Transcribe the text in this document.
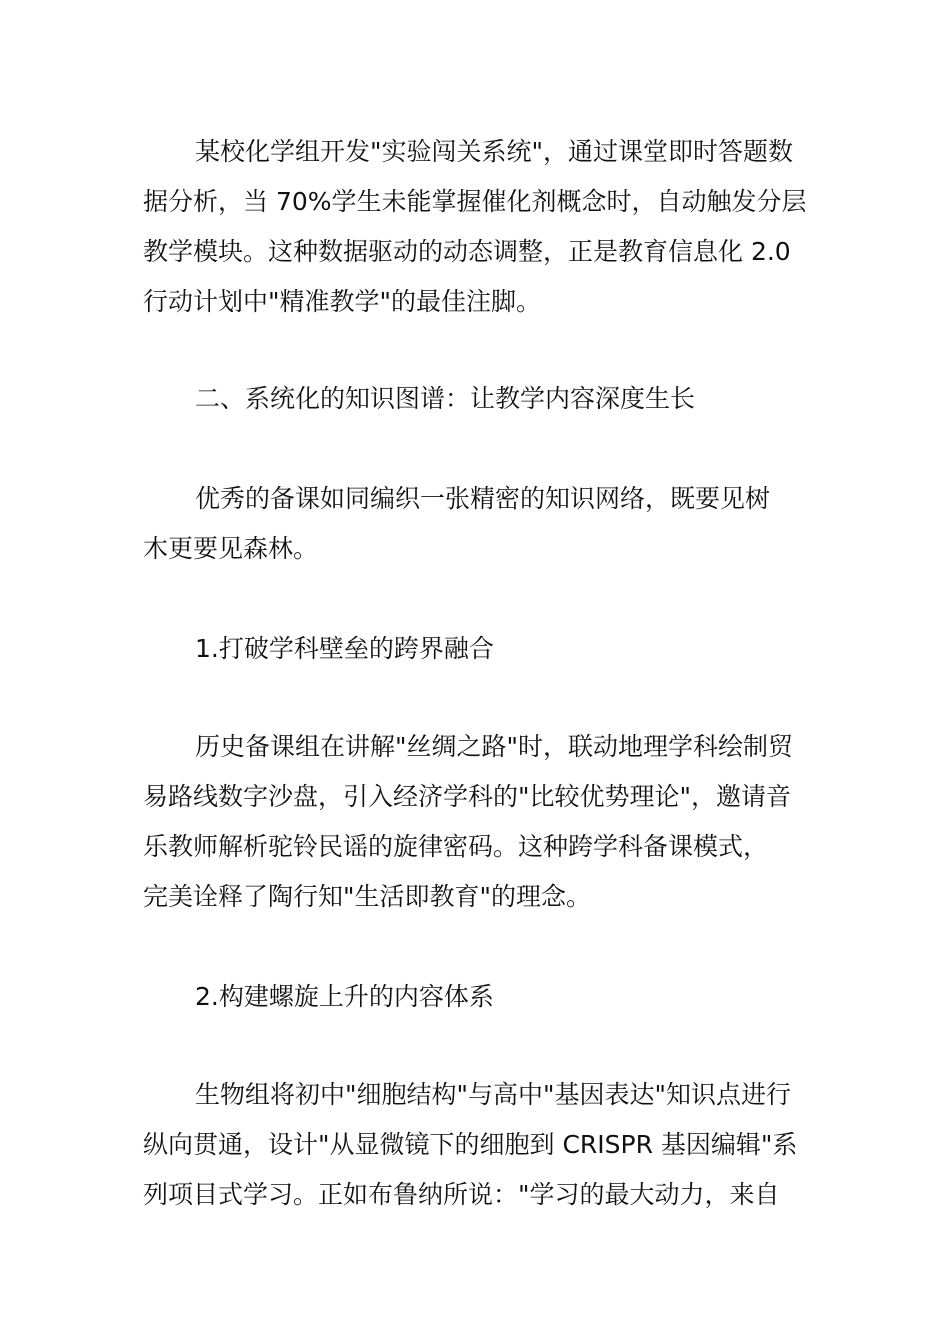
某校化学组开发"实验闯关系统"，通过课堂即时答题数
据分析，当 70%学生未能掌握催化剂概念时，自动触发分层
教学模块。这种数据驱动的动态调整，正是教育信息化 2.0
行动计划中"精准教学"的最佳注脚。
二、系统化的知识图谱：让教学内容深度生长
优秀的备课如同编织一张精密的知识网络，既要见树
木更要见森林。
1.打破学科壁垒的跨界融合
历史备课组在讲解"丝绸之路"时，联动地理学科绘制贸
易路线数字沙盘，引入经济学科的"比较优势理论"，邀请音
乐教师解析驼铃民谣的旋律密码。这种跨学科备课模式，
完美诠释了陶行知"生活即教育"的理念。
2.构建螺旋上升的内容体系
生物组将初中"细胞结构"与高中"基因表达"知识点进行
纵向贯通，设计"从显微镜下的细胞到 CRISPR 基因编辑"系
列项目式学习。正如布鲁纳所说："学习的最大动力，来自
